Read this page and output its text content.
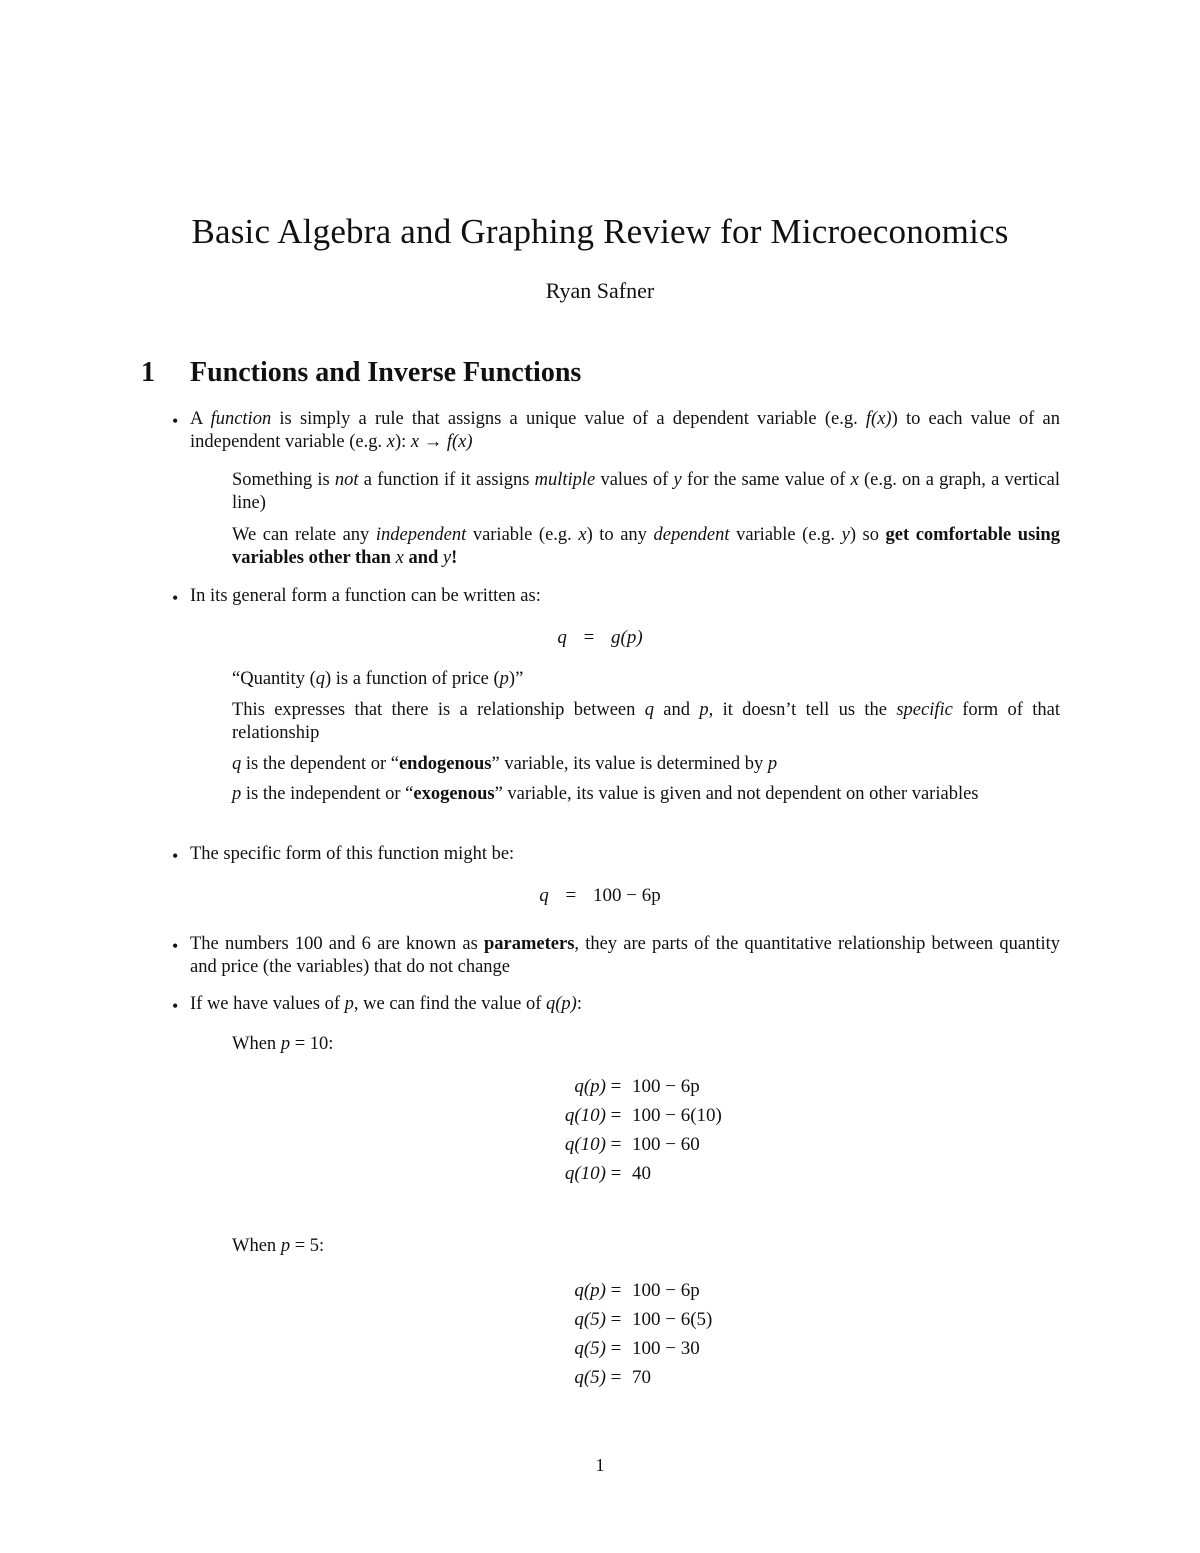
Basic Algebra and Graphing Review for Microeconomics
Ryan Safner
1 Functions and Inverse Functions
• A function is simply a rule that assigns a unique value of a dependent variable (e.g. f(x)) to each value of an independent variable (e.g. x): x → f(x)
Something is not a function if it assigns multiple values of y for the same value of x (e.g. on a graph, a vertical line)
We can relate any independent variable (e.g. x) to any dependent variable (e.g. y) so get comfortable using variables other than x and y!
• In its general form a function can be written as:
q = g(p)
“Quantity (q) is a function of price (p)”
This expresses that there is a relationship between q and p, it doesn’t tell us the specific form of that relationship
q is the dependent or “endogenous” variable, its value is determined by p
p is the independent or “exogenous” variable, its value is given and not dependent on other variables
• The specific form of this function might be:
q = 100 − 6p
• The numbers 100 and 6 are known as parameters, they are parts of the quantitative relationship between quantity and price (the variables) that do not change
• If we have values of p, we can find the value of q(p):
When p = 10:
q(p) = 100 − 6p
q(10) = 100 − 6(10)
q(10) = 100 − 60
q(10) = 40
When p = 5:
q(p) = 100 − 6p
q(5) = 100 − 6(5)
q(5) = 100 − 30
q(5) = 70
1
